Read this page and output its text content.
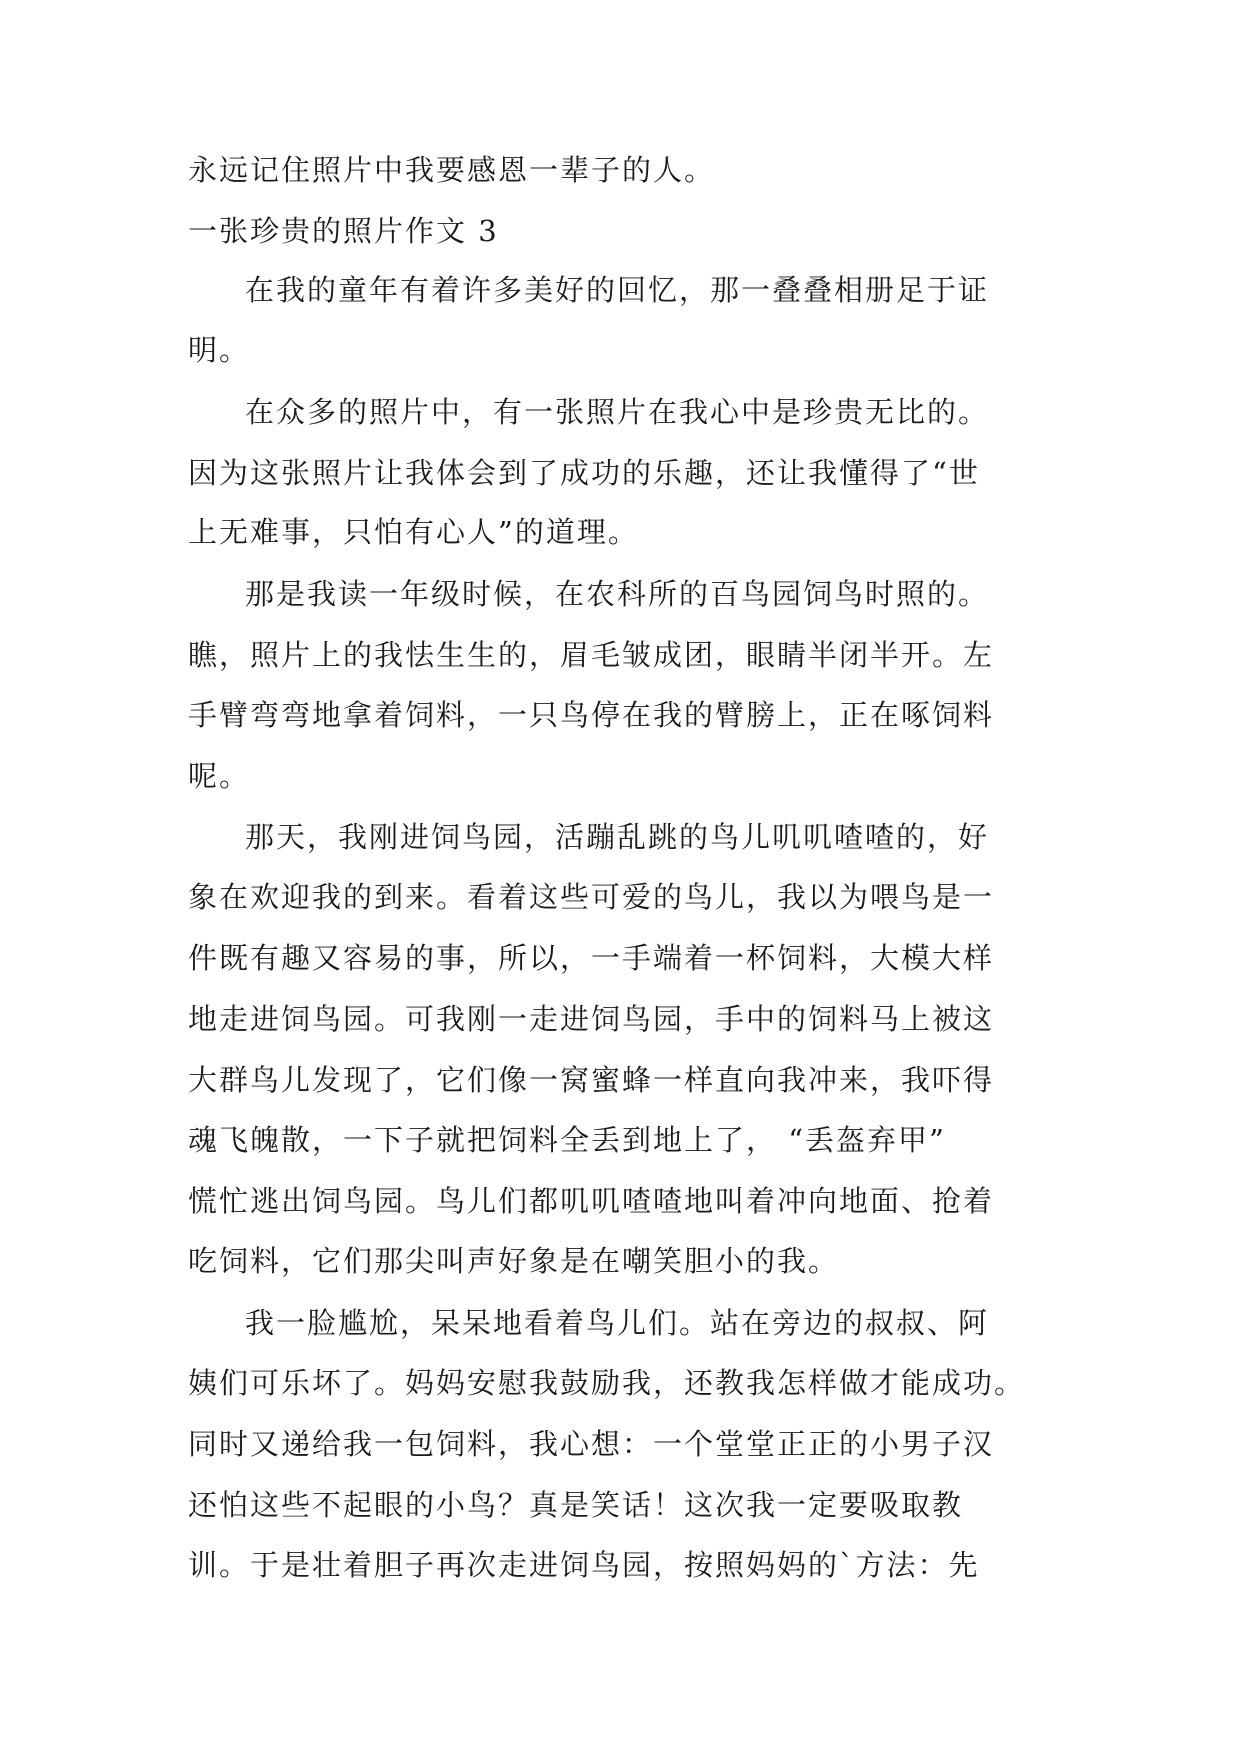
永远记住照片中我要感恩一辈子的人。
一张珍贵的照片作文 3
在我的童年有着许多美好的回忆，那一叠叠相册足于证
明。
在众多的照片中，有一张照片在我心中是珍贵无比的。
因为这张照片让我体会到了成功的乐趣，还让我懂得了“世
上无难事，只怕有心人”的道理。
那是我读一年级时候，在农科所的百鸟园饲鸟时照的。
瞧，照片上的我怯生生的，眉毛皱成团，眼睛半闭半开。左
手臂弯弯地拿着饲料，一只鸟停在我的臂膀上，正在啄饲料
呢。
那天，我刚进饲鸟园，活蹦乱跳的鸟儿叽叽喳喳的，好
象在欢迎我的到来。看着这些可爱的鸟儿，我以为喂鸟是一
件既有趣又容易的事，所以，一手端着一杯饲料，大模大样
地走进饲鸟园。可我刚一走进饲鸟园，手中的饲料马上被这
大群鸟儿发现了，它们像一窝蜜蜂一样直向我冲来，我吓得
魂飞魄散，一下子就把饲料全丢到地上了， “丢盔弃甲”
慌忙逃出饲鸟园。鸟儿们都叽叽喳喳地叫着冲向地面、抢着
吃饲料，它们那尖叫声好象是在嘲笑胆小的我。
我一脸尴尬，呆呆地看着鸟儿们。站在旁边的叔叔、阿
姨们可乐坏了。妈妈安慰我鼓励我，还教我怎样做才能成功。
同时又递给我一包饲料，我心想：一个堂堂正正的小男子汉
还怕这些不起眼的小鸟？真是笑话！这次我一定要吸取教
训。于是壮着胆子再次走进饲鸟园，按照妈妈的`方法：先
